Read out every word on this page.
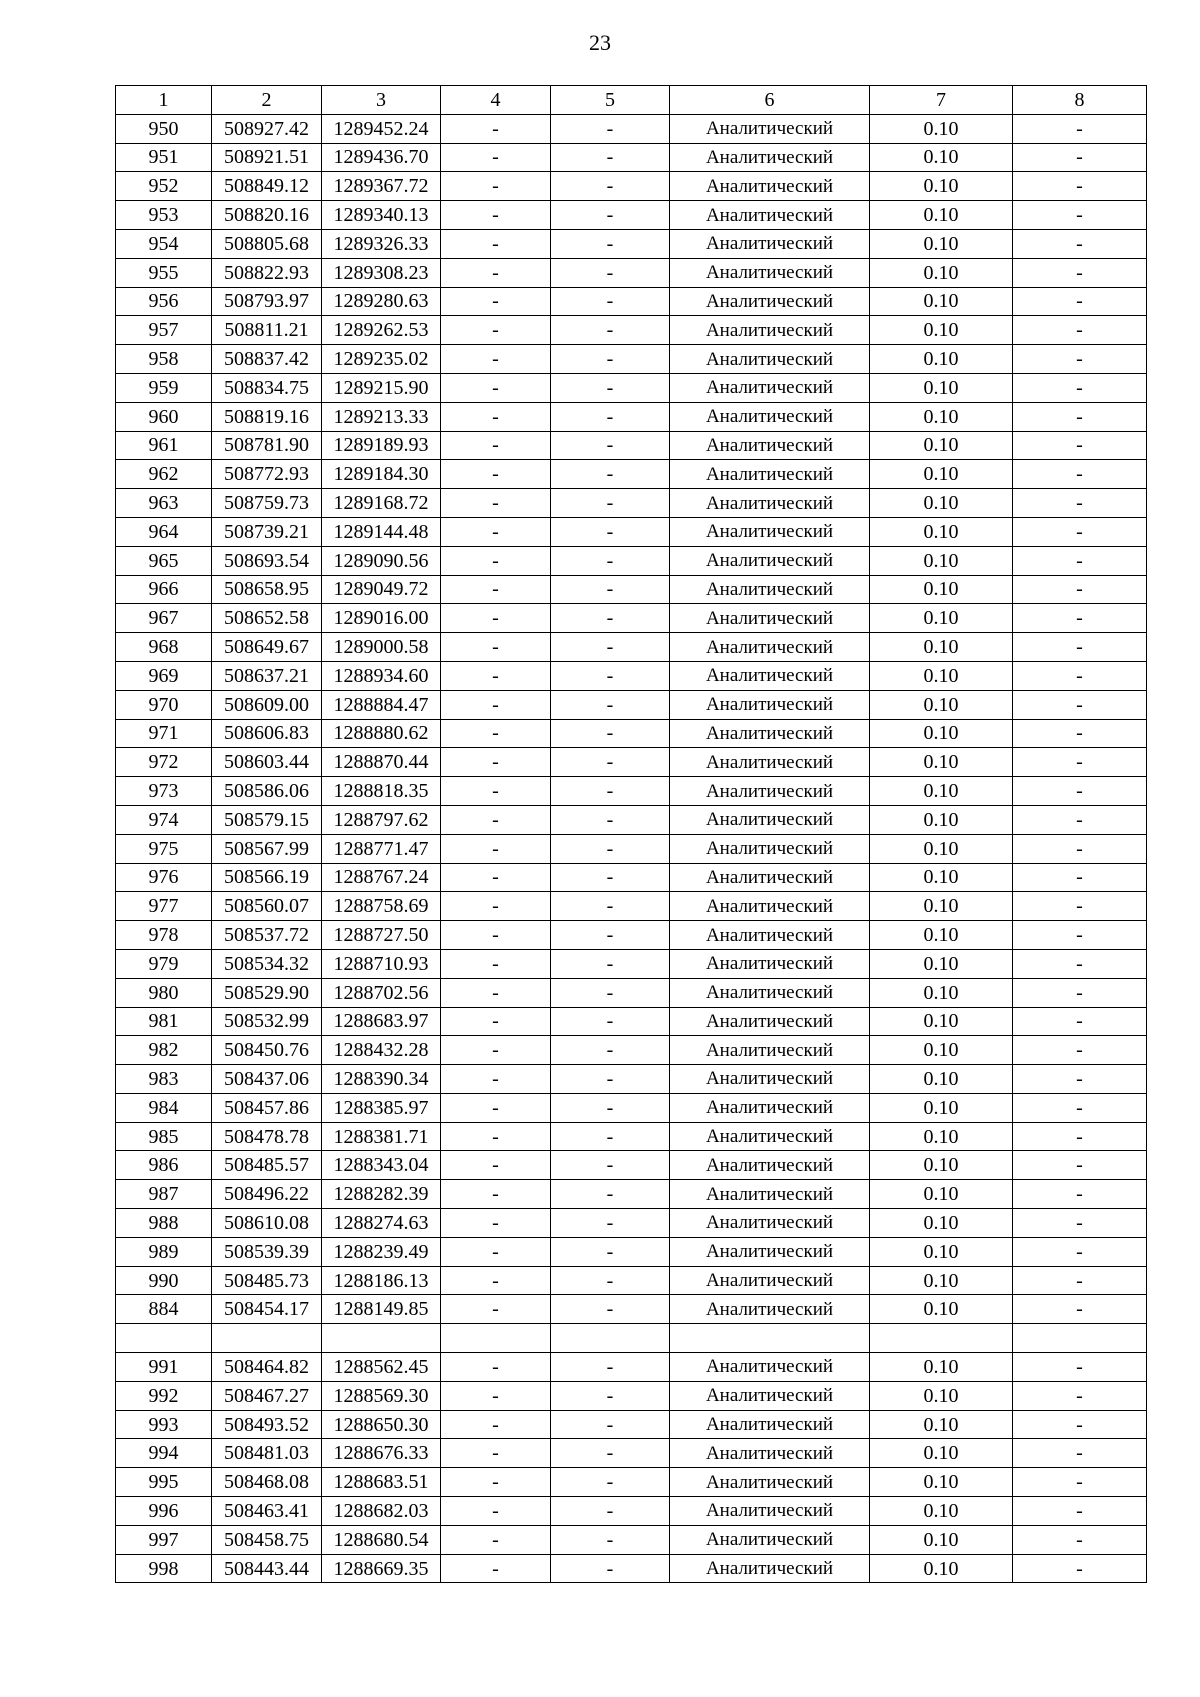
23
1	2	3	4	5	6	7	8
950	508927.42	1289452.24	-	-	Аналитический	0.10	-
951	508921.51	1289436.70	-	-	Аналитический	0.10	-
952	508849.12	1289367.72	-	-	Аналитический	0.10	-
953	508820.16	1289340.13	-	-	Аналитический	0.10	-
954	508805.68	1289326.33	-	-	Аналитический	0.10	-
955	508822.93	1289308.23	-	-	Аналитический	0.10	-
956	508793.97	1289280.63	-	-	Аналитический	0.10	-
957	508811.21	1289262.53	-	-	Аналитический	0.10	-
958	508837.42	1289235.02	-	-	Аналитический	0.10	-
959	508834.75	1289215.90	-	-	Аналитический	0.10	-
960	508819.16	1289213.33	-	-	Аналитический	0.10	-
961	508781.90	1289189.93	-	-	Аналитический	0.10	-
962	508772.93	1289184.30	-	-	Аналитический	0.10	-
963	508759.73	1289168.72	-	-	Аналитический	0.10	-
964	508739.21	1289144.48	-	-	Аналитический	0.10	-
965	508693.54	1289090.56	-	-	Аналитический	0.10	-
966	508658.95	1289049.72	-	-	Аналитический	0.10	-
967	508652.58	1289016.00	-	-	Аналитический	0.10	-
968	508649.67	1289000.58	-	-	Аналитический	0.10	-
969	508637.21	1288934.60	-	-	Аналитический	0.10	-
970	508609.00	1288884.47	-	-	Аналитический	0.10	-
971	508606.83	1288880.62	-	-	Аналитический	0.10	-
972	508603.44	1288870.44	-	-	Аналитический	0.10	-
973	508586.06	1288818.35	-	-	Аналитический	0.10	-
974	508579.15	1288797.62	-	-	Аналитический	0.10	-
975	508567.99	1288771.47	-	-	Аналитический	0.10	-
976	508566.19	1288767.24	-	-	Аналитический	0.10	-
977	508560.07	1288758.69	-	-	Аналитический	0.10	-
978	508537.72	1288727.50	-	-	Аналитический	0.10	-
979	508534.32	1288710.93	-	-	Аналитический	0.10	-
980	508529.90	1288702.56	-	-	Аналитический	0.10	-
981	508532.99	1288683.97	-	-	Аналитический	0.10	-
982	508450.76	1288432.28	-	-	Аналитический	0.10	-
983	508437.06	1288390.34	-	-	Аналитический	0.10	-
984	508457.86	1288385.97	-	-	Аналитический	0.10	-
985	508478.78	1288381.71	-	-	Аналитический	0.10	-
986	508485.57	1288343.04	-	-	Аналитический	0.10	-
987	508496.22	1288282.39	-	-	Аналитический	0.10	-
988	508610.08	1288274.63	-	-	Аналитический	0.10	-
989	508539.39	1288239.49	-	-	Аналитический	0.10	-
990	508485.73	1288186.13	-	-	Аналитический	0.10	-
884	508454.17	1288149.85	-	-	Аналитический	0.10	-

991	508464.82	1288562.45	-	-	Аналитический	0.10	-
992	508467.27	1288569.30	-	-	Аналитический	0.10	-
993	508493.52	1288650.30	-	-	Аналитический	0.10	-
994	508481.03	1288676.33	-	-	Аналитический	0.10	-
995	508468.08	1288683.51	-	-	Аналитический	0.10	-
996	508463.41	1288682.03	-	-	Аналитический	0.10	-
997	508458.75	1288680.54	-	-	Аналитический	0.10	-
998	508443.44	1288669.35	-	-	Аналитический	0.10	-
